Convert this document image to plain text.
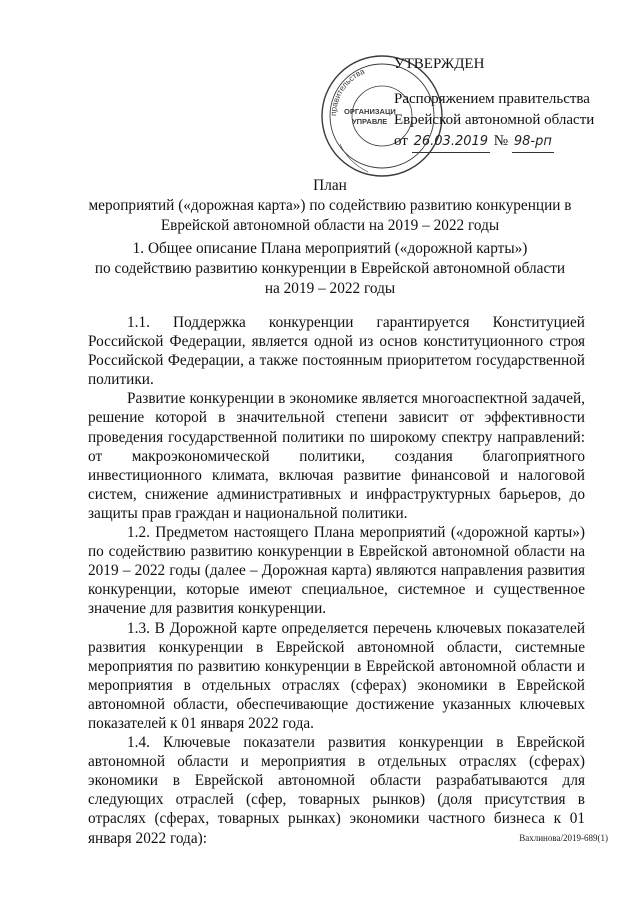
правительства
ОРГАНИЗАЦИ
УПРАВЛЕ
УТВЕРЖДЕН
Распоряжением правительства
Еврейской автономной области
от 26.03.2019 № 98-рп
План
мероприятий («дорожная карта») по содействию развитию конкуренции в
Еврейской автономной области на 2019 – 2022 годы
1. Общее описание Плана мероприятий («дорожной карты»)
по содействию развитию конкуренции в Еврейской автономной области
на 2019 – 2022 годы

1.1. Поддержка конкуренции гарантируется Конституцией Российской Федерации, является одной из основ конституционного строя Российской Федерации, а также постоянным приоритетом государственной политики.

Развитие конкуренции в экономике является многоаспектной задачей, решение которой в значительной степени зависит от эффективности проведения государственной политики по широкому спектру направлений: от макроэкономической политики, создания благоприятного инвестиционного климата, включая развитие финансовой и налоговой систем, снижение административных и инфраструктурных барьеров, до защиты прав граждан и национальной политики.

1.2. Предметом настоящего Плана мероприятий («дорожной карты») по содействию развитию конкуренции в Еврейской автономной области на 2019 – 2022 годы (далее – Дорожная карта) являются направления развития конкуренции, которые имеют специальное, системное и существенное значение для развития конкуренции.

1.3. В Дорожной карте определяется перечень ключевых показателей развития конкуренции в Еврейской автономной области, системные мероприятия по развитию конкуренции в Еврейской автономной области и мероприятия в отдельных отраслях (сферах) экономики в Еврейской автономной области, обеспечивающие достижение указанных ключевых показателей к 01 января 2022 года.

1.4. Ключевые показатели развития конкуренции в Еврейской автономной области и мероприятия в отдельных отраслях (сферах) экономики в Еврейской автономной области разрабатываются для следующих отраслей (сфер, товарных рынков) (доля присутствия в отраслях (сферах, товарных рынках) экономики частного бизнеса к 01 января 2022 года):	Вахлинова/2019-689(1)
